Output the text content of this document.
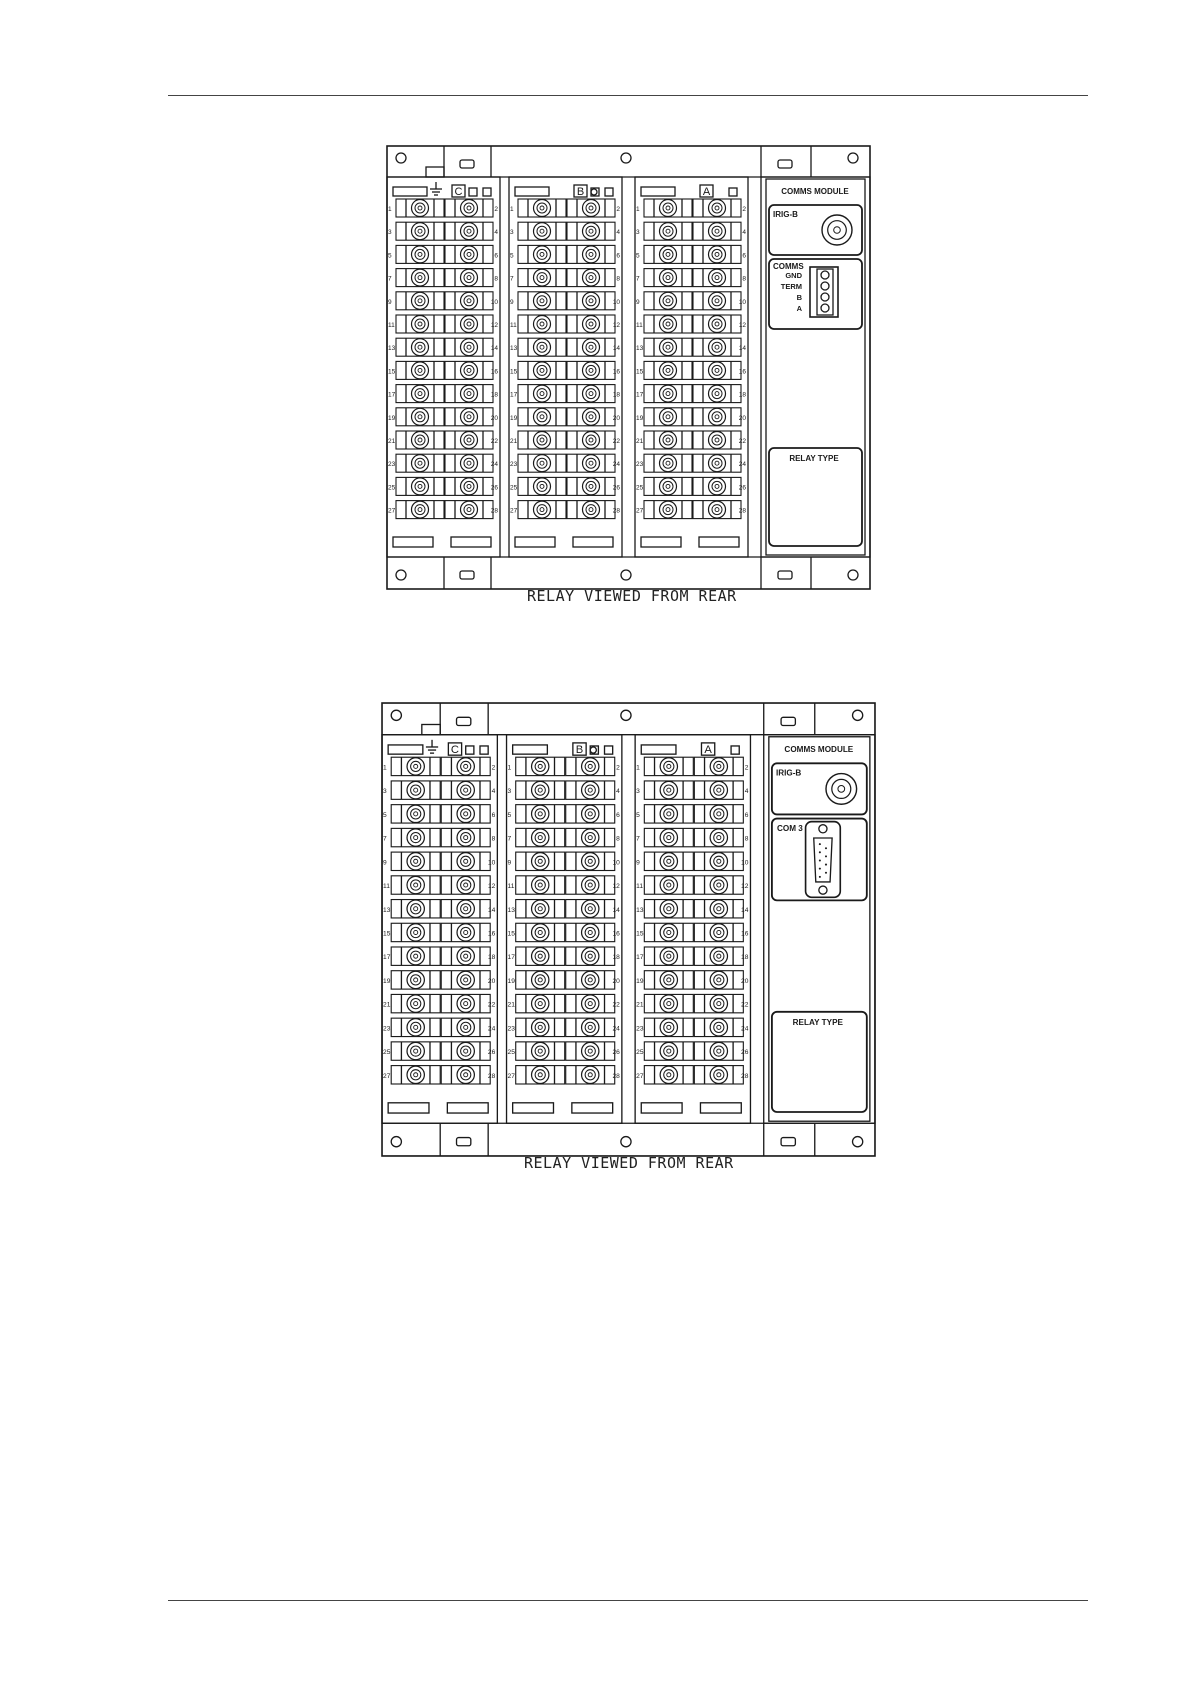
C
1	2
3	4
5	6
7	8
9	10
11	12
13	14
15	16
17	18
19	20
21	22
23	24
25	26
27	28
B
1	2
3	4
5	6
7	8
9	10
11	12
13	14
15	16
17	18
19	20
21	22
23	24
25	26
27	28
A
1	2
3	4
5	6
7	8
9	10
11	12
13	14
15	16
17	18
19	20
21	22
23	24
25	26
27	28
COMMS MODULE
IRIG-B
COMMS
GND
TERM
B
A
RELAY TYPE
RELAY VIEWED FROM REAR
C
1	2
3	4
5	6
7	8
9	10
11	12
13	14
15	16
17	18
19	20
21	22
23	24
25	26
27	28
B
1	2
3	4
5	6
7	8
9	10
11	12
13	14
15	16
17	18
19	20
21	22
23	24
25	26
27	28
A
1	2
3	4
5	6
7	8
9	10
11	12
13	14
15	16
17	18
19	20
21	22
23	24
25	26
27	28
COMMS MODULE
IRIG-B
COM 3
RELAY TYPE
RELAY VIEWED FROM REAR
